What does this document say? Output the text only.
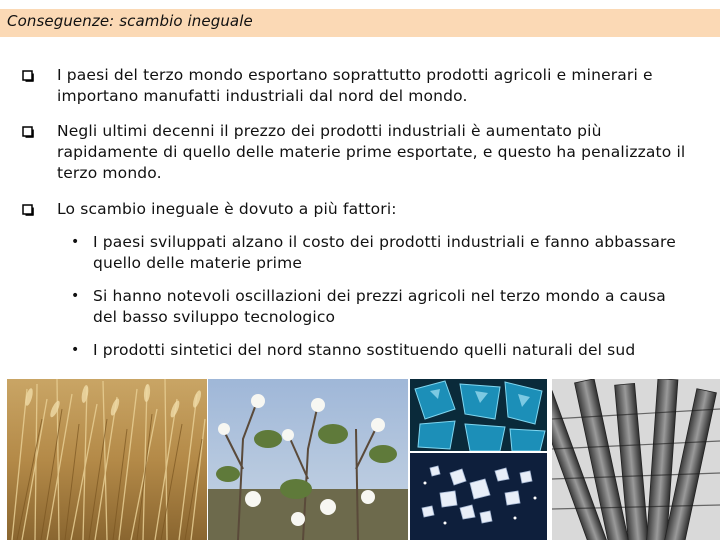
Conseguenze: scambio ineguale
I paesi del terzo mondo esportano soprattutto prodotti agricoli e minerari e importano manufatti industriali dal nord del mondo.
Negli ultimi decenni il prezzo dei prodotti industriali è aumentato più rapidamente di quello delle materie prime esportate, e questo ha penalizzato il terzo mondo.
Lo scambio ineguale è dovuto a più fattori:
• I paesi sviluppati alzano il costo dei prodotti industriali e fanno abbassare quello delle materie prime
• Si hanno notevoli oscillazioni dei prezzi agricoli nel terzo mondo a causa del basso sviluppo tecnologico
• I prodotti sintetici del nord stanno sostituendo quelli naturali del sud
